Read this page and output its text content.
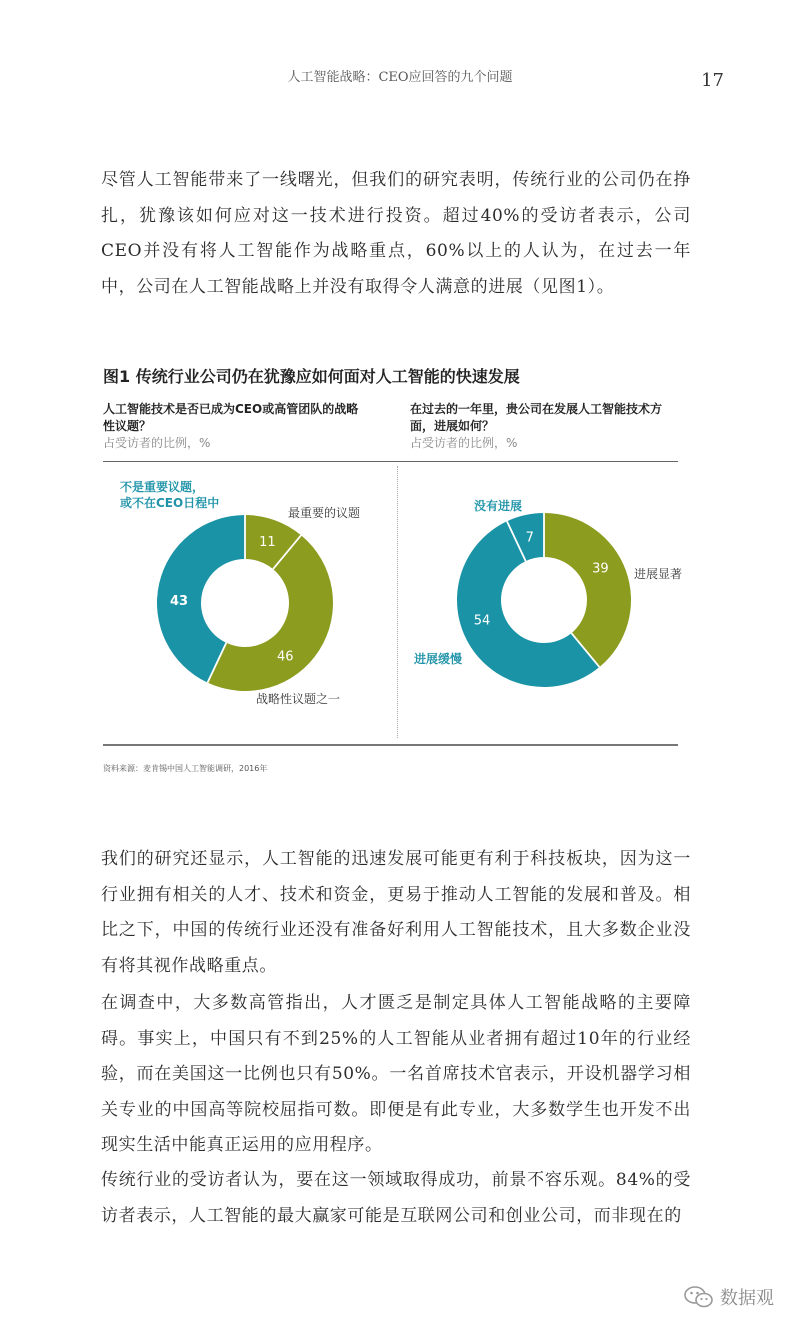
人工智能战略：CEO应回答的九个问题	17

尽管人工智能带来了一线曙光，但我们的研究表明，传统行业的公司仍在挣扎，犹豫该如何应对这一技术进行投资。超过40%的受访者表示，公司CEO并没有将人工智能作为战略重点，60%以上的人认为，在过去一年中，公司在人工智能战略上并没有取得令人满意的进展（见图1）。

图1 传统行业公司仍在犹豫应如何面对人工智能的快速发展
人工智能技术是否已成为CEO或高管团队的战略性议题？
占受访者的比例，%
在过去的一年里，贵公司在发展人工智能技术方面，进展如何？
占受访者的比例，%
11
46
43
39
54
7
不是重要议题，
或不在CEO日程中
最重要的议题
战略性议题之一
没有进展
进展显著
进展缓慢
资料来源：麦肯锡中国人工智能调研，2016年

我们的研究还显示，人工智能的迅速发展可能更有利于科技板块，因为这一行业拥有相关的人才、技术和资金，更易于推动人工智能的发展和普及。相比之下，中国的传统行业还没有准备好利用人工智能技术，且大多数企业没有将其视作战略重点。

在调查中，大多数高管指出，人才匮乏是制定具体人工智能战略的主要障碍。事实上，中国只有不到25%的人工智能从业者拥有超过10年的行业经验，而在美国这一比例也只有50%。一名首席技术官表示，开设机器学习相关专业的中国高等院校屈指可数。即便是有此专业，大多数学生也开发不出现实生活中能真正运用的应用程序。

传统行业的受访者认为，要在这一领域取得成功，前景不容乐观。84%的受访者表示，人工智能的最大赢家可能是互联网公司和创业公司，而非现在的

数据观
